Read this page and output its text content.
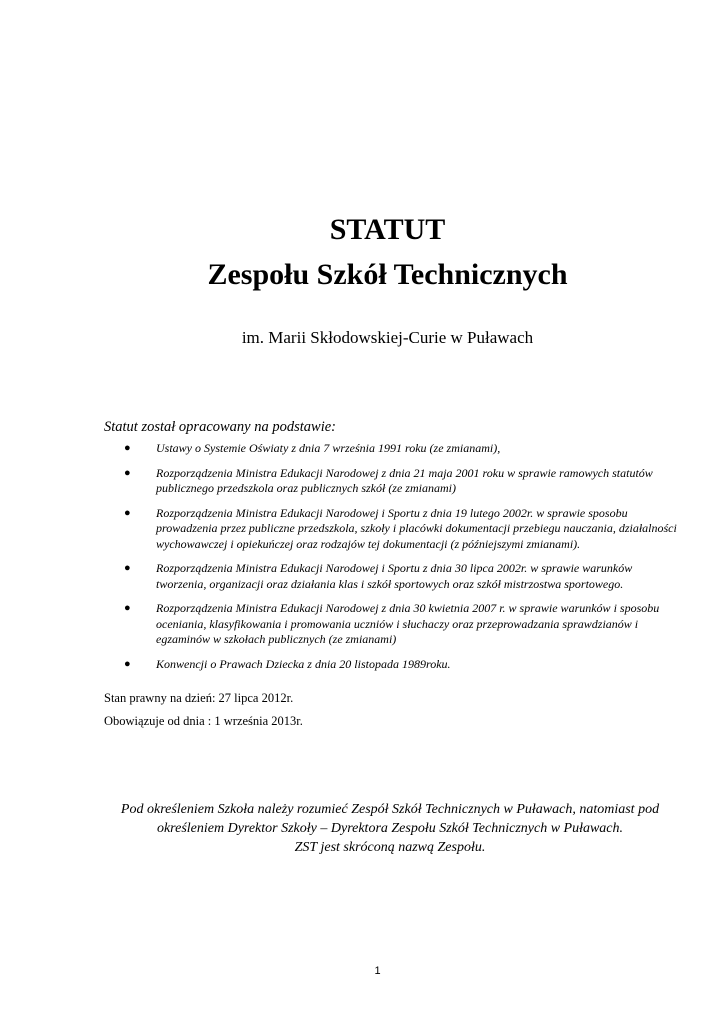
STATUT
Zespołu Szkół Technicznych

im. Marii Skłodowskiej-Curie w Puławach

Statut został opracowany na podstawie:

● Ustawy o Systemie Oświaty z dnia 7 września 1991 roku (ze zmianami),
● Rozporządzenia Ministra Edukacji Narodowej z dnia 21 maja 2001 roku w sprawie ramowych statutów publicznego przedszkola oraz publicznych szkół (ze zmianami)
● Rozporządzenia Ministra Edukacji Narodowej i Sportu z dnia 19 lutego 2002r. w sprawie sposobu prowadzenia przez publiczne przedszkola, szkoły i placówki dokumentacji przebiegu nauczania, działalności wychowawczej i opiekuńczej oraz rodzajów tej dokumentacji (z późniejszymi zmianami).
● Rozporządzenia Ministra Edukacji Narodowej i Sportu z dnia 30 lipca 2002r. w sprawie warunków tworzenia, organizacji oraz działania klas i szkół sportowych oraz szkół mistrzostwa sportowego.
● Rozporządzenia Ministra Edukacji Narodowej z dnia 30 kwietnia 2007 r. w sprawie warunków i sposobu oceniania, klasyfikowania i promowania uczniów i słuchaczy oraz przeprowadzania sprawdzianów i egzaminów w szkołach publicznych (ze zmianami)
● Konwencji o Prawach Dziecka z dnia 20 listopada 1989roku.

Stan prawny na dzień: 27 lipca 2012r.

Obowiązuje od dnia : 1 września 2013r.

Pod określeniem Szkoła należy rozumieć Zespół Szkół Technicznych w Puławach, natomiast pod określeniem Dyrektor Szkoły – Dyrektora Zespołu Szkół Technicznych w Puławach.

ZST jest skróconą nazwą Zespołu.

1
